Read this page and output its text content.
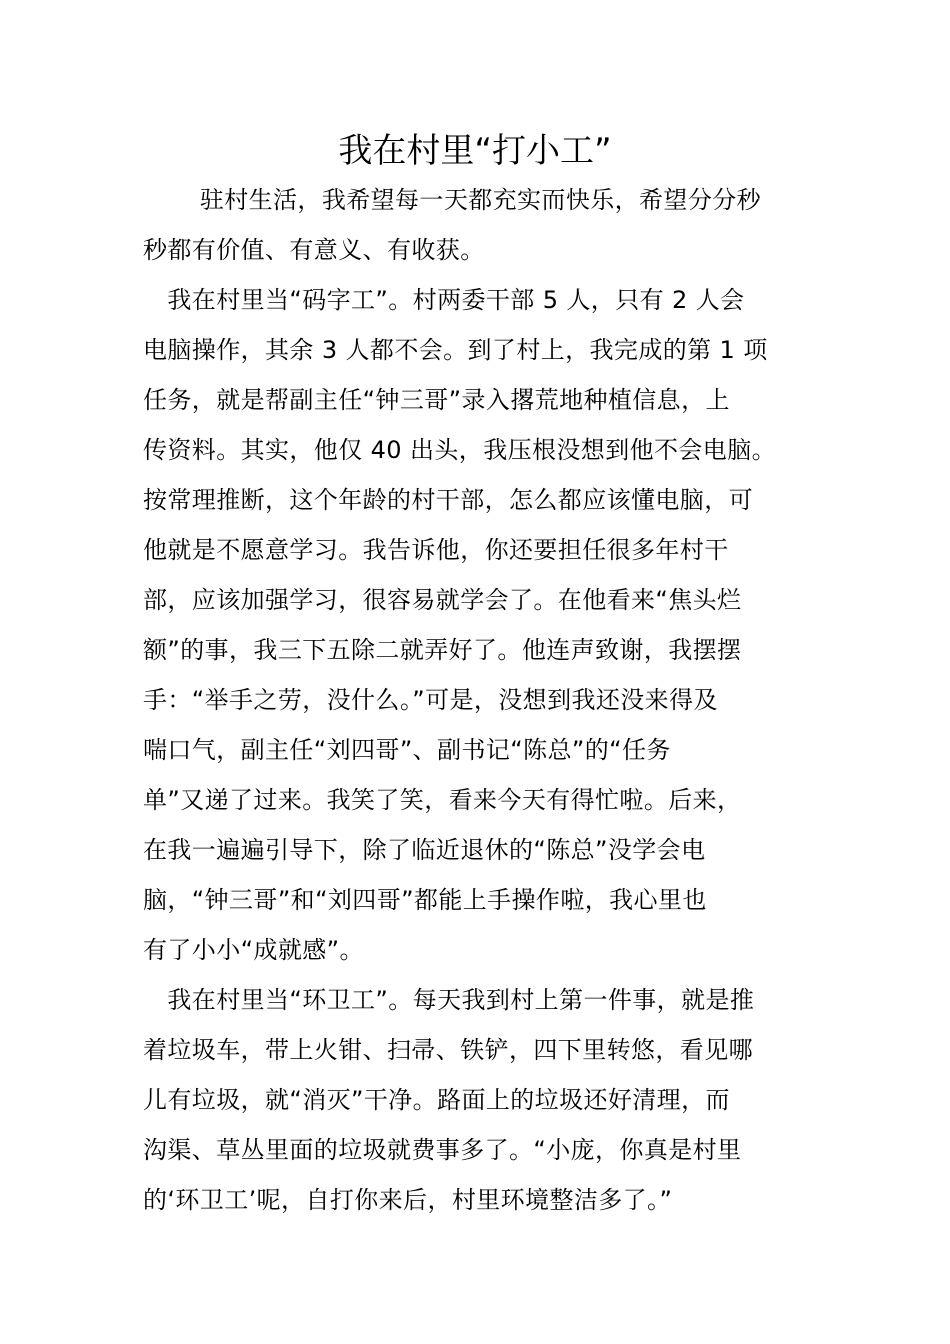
我在村里“打小工”
　　 驻村生活，我希望每一天都充实而快乐，希望分分秒
秒都有价值、有意义、有收获。
　我在村里当“码字工”。村两委干部 5 人，只有 2 人会
电脑操作，其余 3 人都不会。到了村上，我完成的第 1 项
任务，就是帮副主任“钟三哥”录入撂荒地种植信息，上
传资料。其实，他仅 40 出头，我压根没想到他不会电脑。
按常理推断，这个年龄的村干部，怎么都应该懂电脑，可
他就是不愿意学习。我告诉他，你还要担任很多年村干
部，应该加强学习，很容易就学会了。在他看来“焦头烂
额”的事，我三下五除二就弄好了。他连声致谢，我摆摆
手：“举手之劳，没什么。”可是，没想到我还没来得及
喘口气，副主任“刘四哥”、副书记“陈总”的“任务
单”又递了过来。我笑了笑，看来今天有得忙啦。后来，
在我一遍遍引导下，除了临近退休的“陈总”没学会电
脑，“钟三哥”和“刘四哥”都能上手操作啦，我心里也
有了小小“成就感”。
　我在村里当“环卫工”。每天我到村上第一件事，就是推
着垃圾车，带上火钳、扫帚、铁铲，四下里转悠，看见哪
儿有垃圾，就“消灭”干净。路面上的垃圾还好清理，而
沟渠、草丛里面的垃圾就费事多了。“小庞，你真是村里
的‘环卫工’呢，自打你来后，村里环境整洁多了。”
